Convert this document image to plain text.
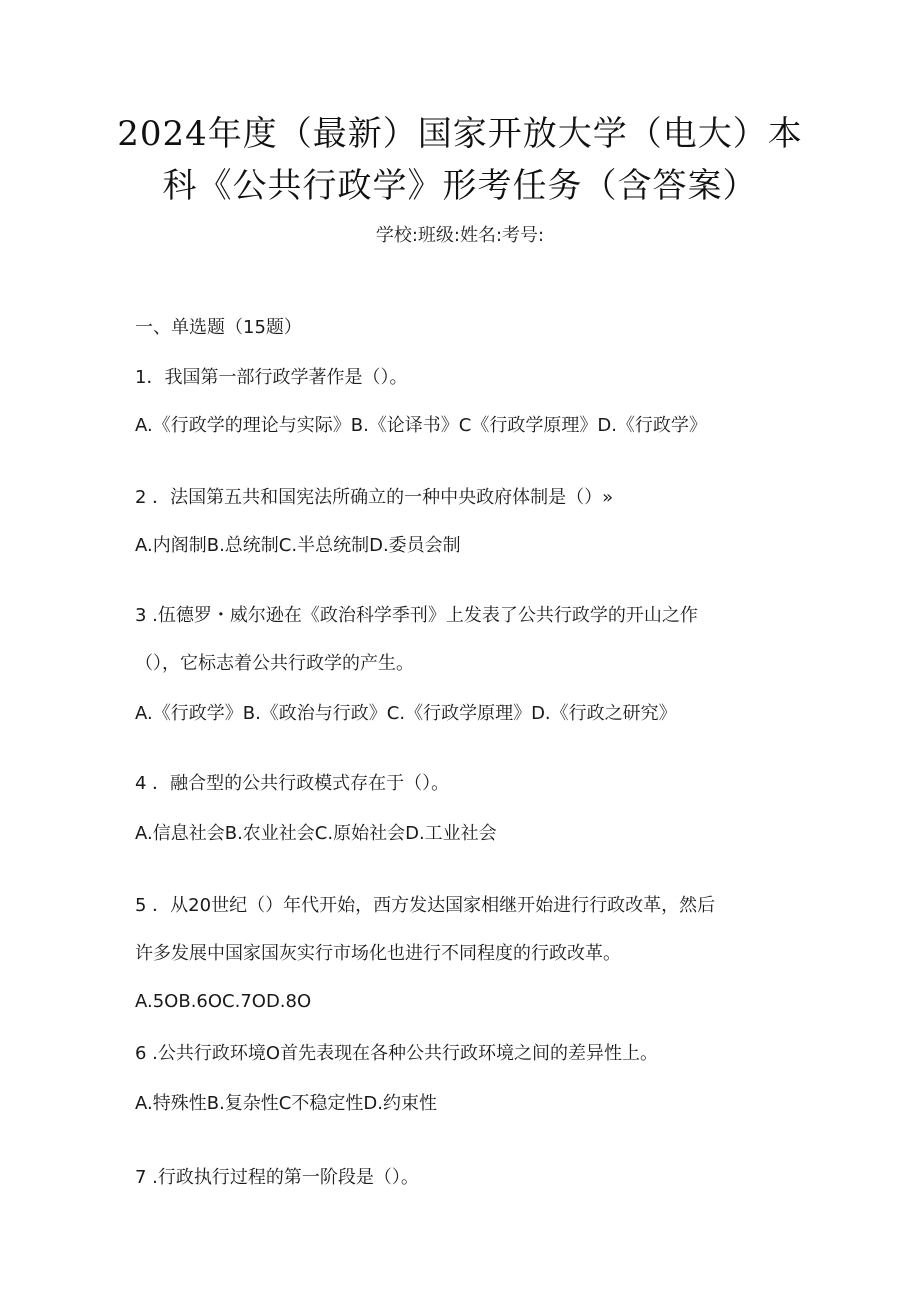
2024年度（最新）国家开放大学（电大）本
科《公共行政学》形考任务（含答案）
学校:班级:姓名:考号:
一、单选题（15题）
1．我国第一部行政学著作是（）。
A.《行政学的理论与实际》B.《论译书》C《行政学原理》D.《行政学》
2 ．法国第五共和国宪法所确立的一种中央政府体制是（）»
A.内阁制B.总统制C.半总统制D.委员会制
3 .伍德罗・威尔逊在《政治科学季刊》上发表了公共行政学的开山之作
（），它标志着公共行政学的产生。
A.《行政学》B.《政治与行政》C.《行政学原理》D.《行政之研究》
4 ．融合型的公共行政模式存在于（）。
A.信息社会B.农业社会C.原始社会D.工业社会
5 ．从20世纪（）年代开始，西方发达国家相继开始进行行政改革，然后
许多发展中国家国灰实行市场化也进行不同程度的行政改革。
A.5OB.6OC.7OD.8O
6 .公共行政环境O首先表现在各种公共行政环境之间的差异性上。
A.特殊性B.复杂性C不稳定性D.约束性
7 .行政执行过程的第一阶段是（）。
